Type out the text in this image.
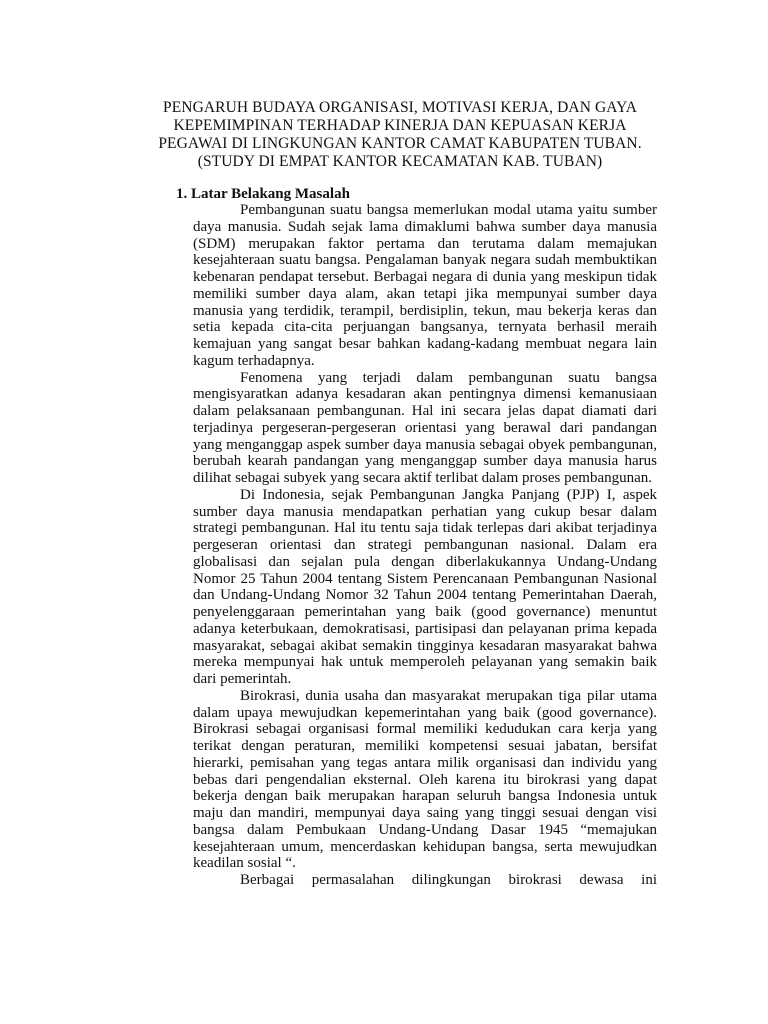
PENGARUH BUDAYA ORGANISASI, MOTIVASI KERJA, DAN GAYA
KEPEMIMPINAN TERHADAP KINERJA DAN KEPUASAN KERJA
PEGAWAI DI LINGKUNGAN KANTOR CAMAT KABUPATEN TUBAN.
(STUDY DI EMPAT KANTOR KECAMATAN KAB. TUBAN)
1. Latar Belakang Masalah

Pembangunan suatu bangsa memerlukan modal utama yaitu sumber daya manusia. Sudah sejak lama dimaklumi bahwa sumber daya manusia (SDM) merupakan faktor pertama dan terutama dalam memajukan kesejahteraan suatu bangsa. Pengalaman banyak negara sudah membuktikan kebenaran pendapat tersebut. Berbagai negara di dunia yang meskipun tidak memiliki sumber daya alam, akan tetapi jika mempunyai sumber daya manusia yang terdidik, terampil, berdisiplin, tekun, mau bekerja keras dan setia kepada cita-cita perjuangan bangsanya, ternyata berhasil meraih kemajuan yang sangat besar bahkan kadang-kadang membuat negara lain kagum terhadapnya.

Fenomena yang terjadi dalam pembangunan suatu bangsa mengisyaratkan adanya kesadaran akan pentingnya dimensi kemanusiaan dalam pelaksanaan pembangunan. Hal ini secara jelas dapat diamati dari terjadinya pergeseran-pergeseran orientasi yang berawal dari pandangan yang menganggap aspek sumber daya manusia sebagai obyek pembangunan, berubah kearah pandangan yang menganggap sumber daya manusia harus dilihat sebagai subyek yang secara aktif terlibat dalam proses pembangunan.

Di Indonesia, sejak Pembangunan Jangka Panjang (PJP) I, aspek sumber daya manusia mendapatkan perhatian yang cukup besar dalam strategi pembangunan. Hal itu tentu saja tidak terlepas dari akibat terjadinya pergeseran orientasi dan strategi pembangunan nasional. Dalam era globalisasi dan sejalan pula dengan diberlakukannya Undang-Undang Nomor 25 Tahun 2004 tentang Sistem Perencanaan Pembangunan Nasional dan Undang-Undang Nomor 32 Tahun 2004 tentang Pemerintahan Daerah, penyelenggaraan pemerintahan yang baik (good governance) menuntut adanya keterbukaan, demokratisasi, partisipasi dan pelayanan prima kepada masyarakat, sebagai akibat semakin tingginya kesadaran masyarakat bahwa mereka mempunyai hak untuk memperoleh pelayanan yang semakin baik dari pemerintah.

Birokrasi, dunia usaha dan masyarakat merupakan tiga pilar utama dalam upaya mewujudkan kepemerintahan yang baik (good governance). Birokrasi sebagai organisasi formal memiliki kedudukan cara kerja yang terikat dengan peraturan, memiliki kompetensi sesuai jabatan, bersifat hierarki, pemisahan yang tegas antara milik organisasi dan individu yang bebas dari pengendalian eksternal. Oleh karena itu birokrasi yang dapat bekerja dengan baik merupakan harapan seluruh bangsa Indonesia untuk maju dan mandiri, mempunyai daya saing yang tinggi sesuai dengan visi bangsa dalam Pembukaan Undang-Undang Dasar 1945 “memajukan kesejahteraan umum, mencerdaskan kehidupan bangsa, serta mewujudkan keadilan sosial “.

Berbagai permasalahan dilingkungan birokrasi dewasa ini
